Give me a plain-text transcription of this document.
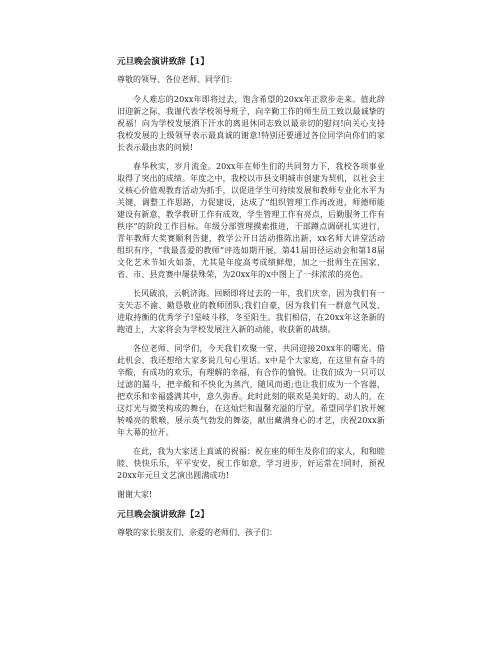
元旦晚会演讲致辞【1】

尊敬的领导、各位老师、同学们：

令人难忘的20xx年即将过去，饱含希望的20xx年正款步走来。值此辞旧迎新之际，我谨代表学校领导班子，向辛勤工作的师生员工致以最诚挚的祝福！向为学校发展洒下汗水的离退休同志致以最亲切的慰问!向关心支持我校发展的上级领导表示最真诚的谢意!特别还要通过各位同学向你们的家长表示最由衷的问候!

春华秋实，岁月流金。20xx年在师生们的共同努力下，我校各项事业取得了突出的成绩。年度之中，我校以市县文明城市创建为契机，以社会主义核心价值观教育活动为抓手，以促进学生可持续发展和教师专业化水平为关键，调整工作思路，力促建设，达成了“组织管理工作再改进，师德师能建设有新意，教学教研工作有成效，学生管理工作有亮点，后勤服务工作有秩序”的阶段工作目标。年级分部管理摸索推进，干部蹲点调研扎实进行，青年教师大奖赛顺利告捷，教学公开日活动推陈出新，xx名师大讲堂活动组织有序，“我最喜爱的教师”评选如期开展，第41届田径运动会和第18届文化艺术节如火如荼，尤其是年度高考成绩鲜煌，加之一批师生在国家、省、市、县竞赛中屡获殊荣，为20xx年的x中图上了一抹浓浓的亮色。

长风破浪，云帆济海。回顾即将过去的一年，我们庆幸，因为我们有一支矢志不渝、勤恳敬业的教师团队;我们自豪，因为我们有一群意气风发、进取持衡的优秀学子!星岐斗移，冬至阳生。我们相信，在20xx年这条新的跑道上，大家将会为学校发展注入新的动能，收获新的战绩。

各位老师、同学们，今天我们欢聚一堂，共同迎接20xx年的曙光。借此机会，我还想给大家多说几句心里话。x中是个大家庭，在这里有奋斗的辛酸，有成功的欢乐，有理解的幸福，有合作的愉悦。让我们成为一只可以过滤的漏斗，把辛酸和不快化为蒸汽，随风而逝;也让我们成为一个容器，把欢乐和幸福盛满其中，意久弥香。此时此刻的联欢是美好的、动人的，在这灯光与微笑构成的舞台，在这灿烂和温馨充溢的厅堂，希望同学们放开婉转嗓亮的歌喉，展示英气勃发的舞姿，献出藏满身心的才艺，庆祝20xx新年大幕的拉开。

在此，我为大家送上真诚的祝福：祝在座的师生及你们的家人，和和睦睦、快快乐乐，平平安安，祝工作如意，学习进步，好运常在!同时，预祝20xx年元旦文艺演出圆满成功!

谢谢大家!

元旦晚会演讲致辞【2】

尊敬的家长朋友们、亲爱的老师们、孩子们：
